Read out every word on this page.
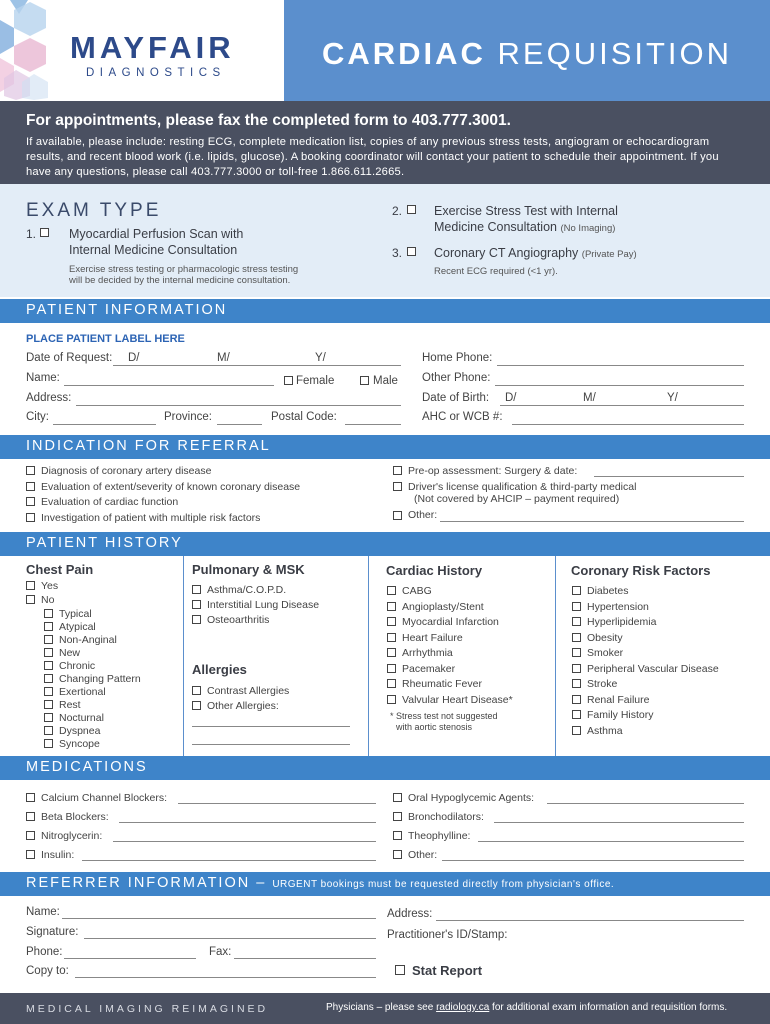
MAYFAIR
DIAGNOSTICS
CARDIAC REQUISITION
For appointments, please fax the completed form to 403.777.3001.
If available, please include: resting ECG, complete medication list, copies of any previous stress tests, angiogram or echocardiogram results, and recent blood work (i.e. lipids, glucose). A booking coordinator will contact your patient to schedule their appointment. If you have any questions, please call 403.777.3000 or toll-free 1.866.611.2665.
EXAM TYPE
1.	Myocardial Perfusion Scan with
Internal Medicine Consultation
Exercise stress testing or pharmacologic stress testing
will be decided by the internal medicine consultation.
2.	Exercise Stress Test with Internal
Medicine Consultation (No Imaging)
3.	Coronary CT Angiography (Private Pay)
Recent ECG required (<1 yr).
PATIENT INFORMATION
PLACE PATIENT LABEL HERE
Date of Request: D/	M/	Y/
Name:	Female	Male
Address:
City:	Province:	Postal Code:
Home Phone:
Other Phone:
Date of Birth: D/	M/	Y/
AHC or WCB #:
INDICATION FOR REFERRAL
Diagnosis of coronary artery disease
Evaluation of extent/severity of known coronary disease
Evaluation of cardiac function
Investigation of patient with multiple risk factors
Pre-op assessment: Surgery & date:
Driver's license qualification & third-party medical
(Not covered by AHCIP – payment required)
Other:
PATIENT HISTORY
Chest Pain
Yes
No
Typical
Atypical
Non-Anginal
New
Chronic
Changing Pattern
Exertional
Rest
Nocturnal
Dyspnea
Syncope
Pulmonary & MSK
Asthma/C.O.P.D.
Interstitial Lung Disease
Osteoarthritis
Allergies
Contrast Allergies
Other Allergies:
Cardiac History
CABG
Angioplasty/Stent
Myocardial Infarction
Heart Failure
Arrhythmia
Pacemaker
Rheumatic Fever
Valvular Heart Disease*
* Stress test not suggested
with aortic stenosis
Coronary Risk Factors
Diabetes
Hypertension
Hyperlipidemia
Obesity
Smoker
Peripheral Vascular Disease
Stroke
Renal Failure
Family History
Asthma
MEDICATIONS
Calcium Channel Blockers:
Beta Blockers:
Nitroglycerin:
Insulin:
Oral Hypoglycemic Agents:
Bronchodilators:
Theophylline:
Other:
REFERRER INFORMATION – URGENT bookings must be requested directly from physician's office.
Name:
Signature:
Phone:	Fax:
Copy to:
Address:
Practitioner's ID/Stamp:
Stat Report
MEDICAL IMAGING REIMAGINED	Physicians – please see radiology.ca for additional exam information and requisition forms.
